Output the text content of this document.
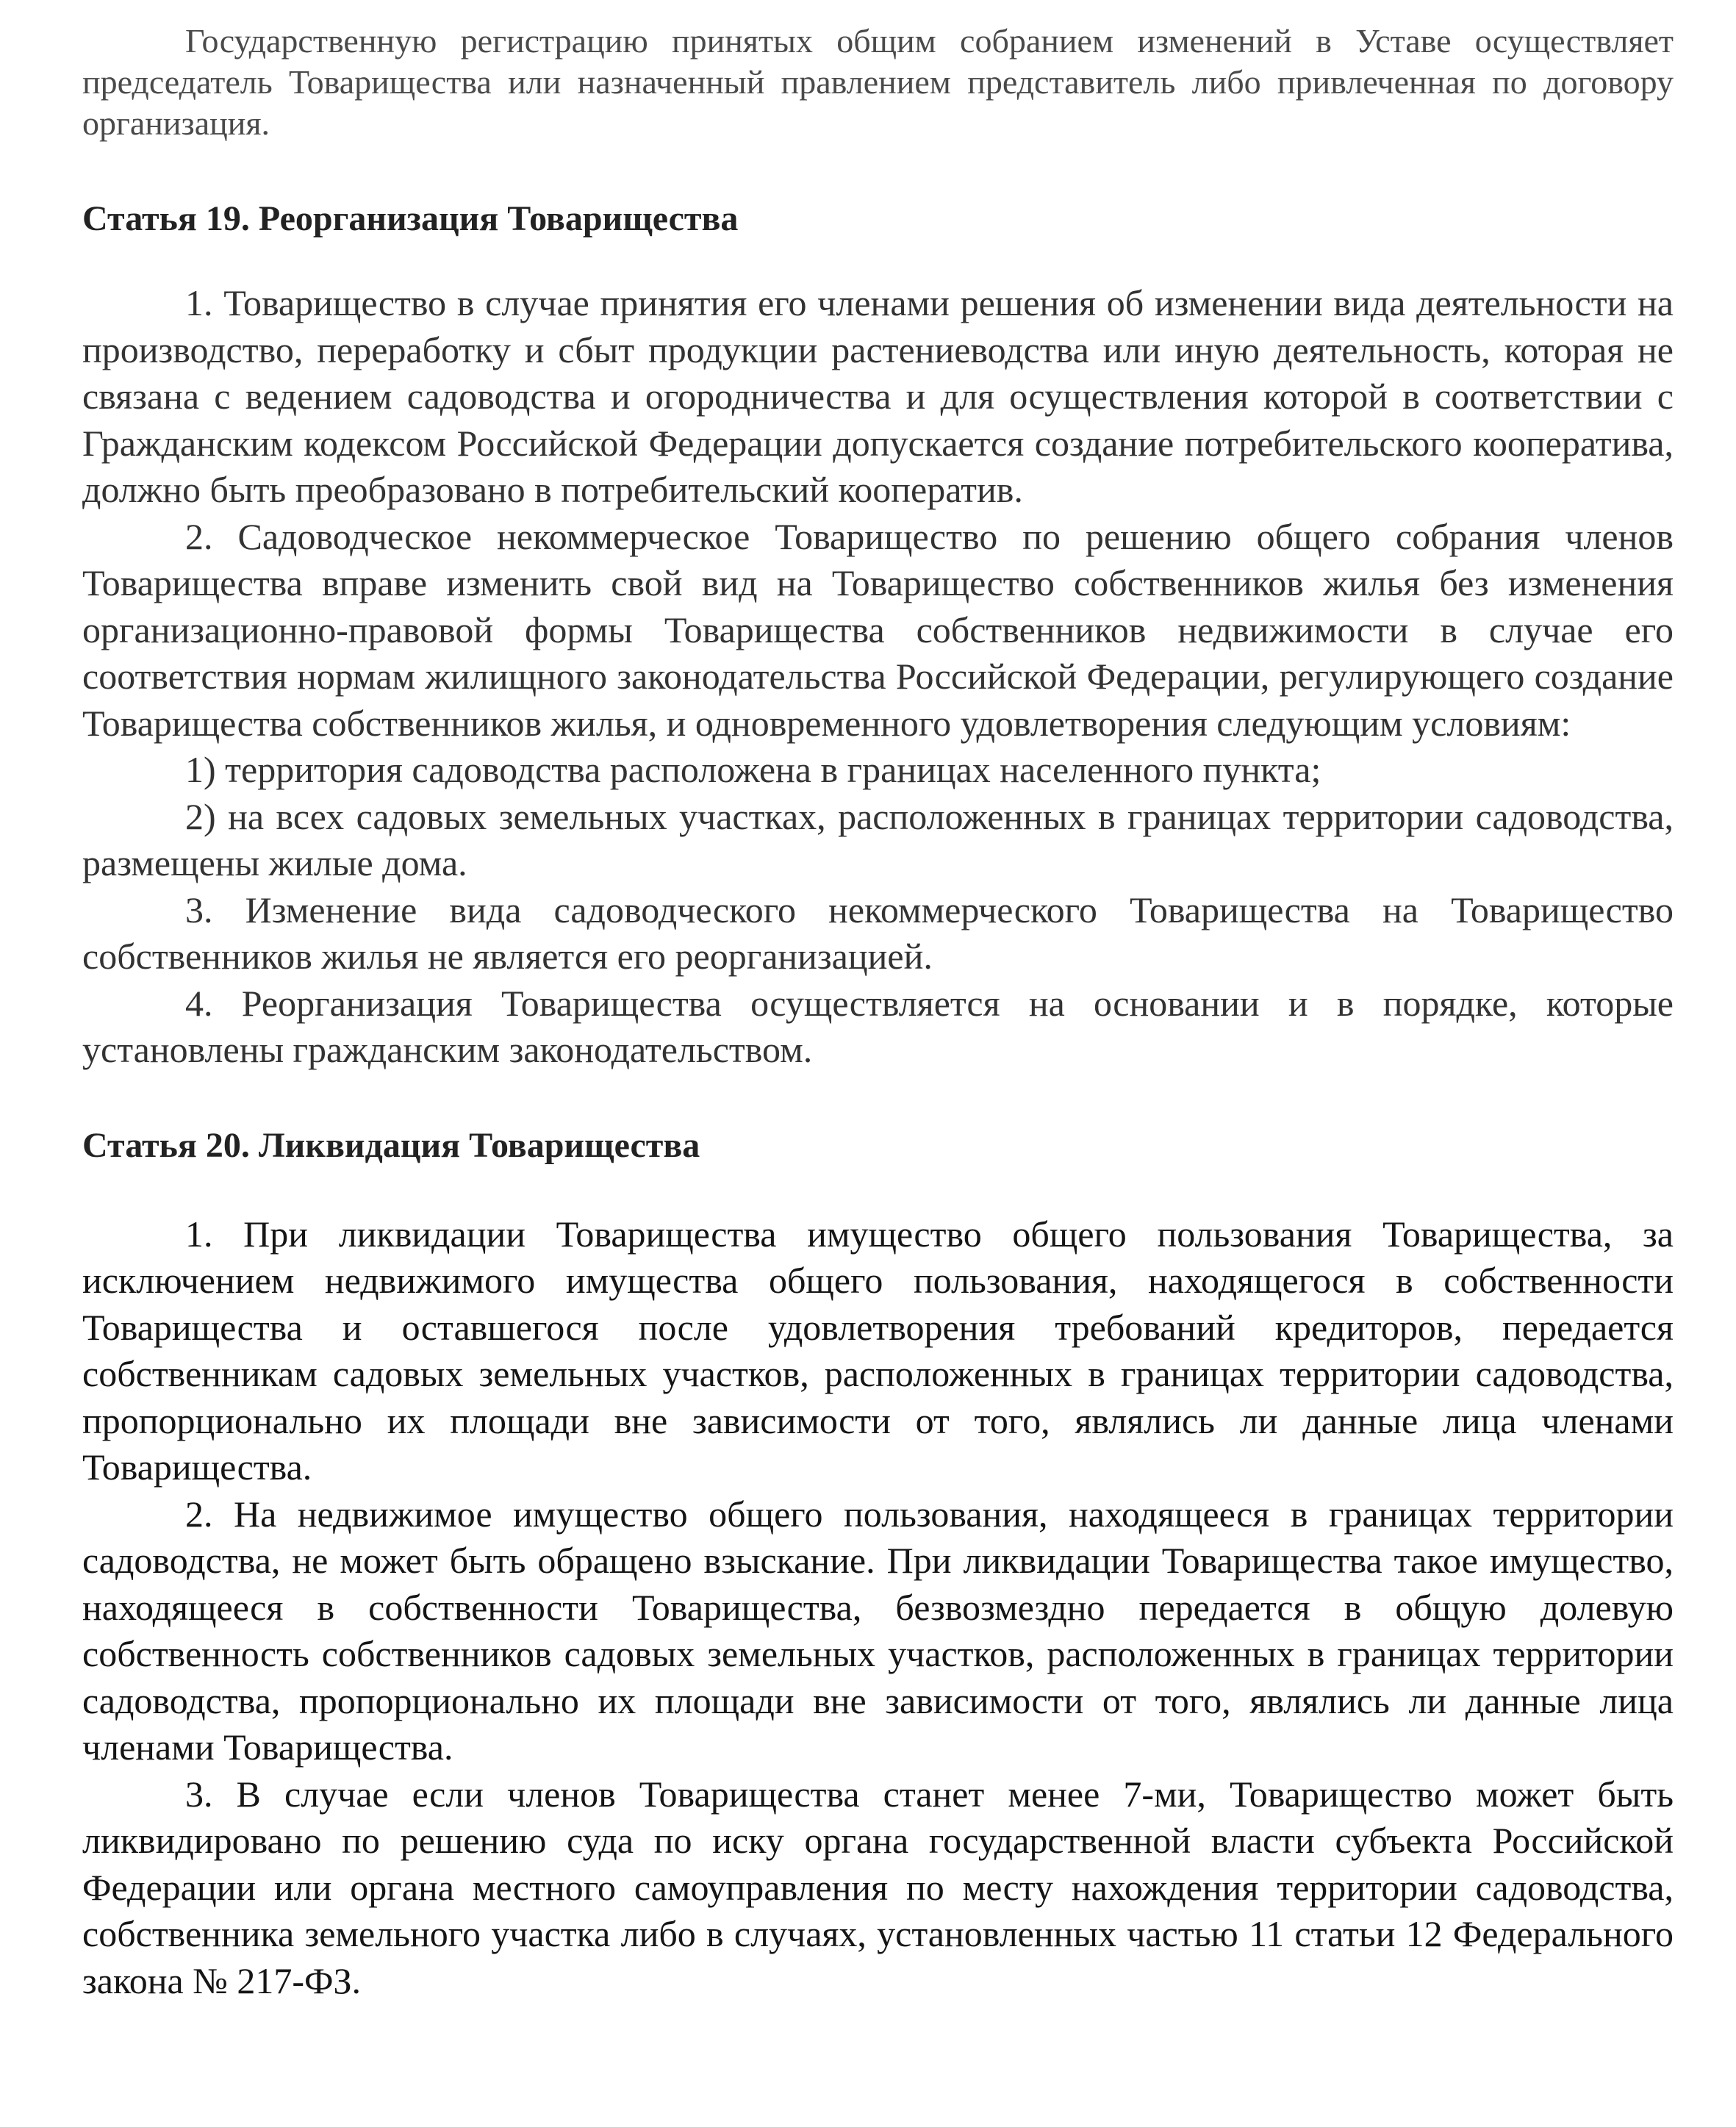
Государственную регистрацию принятых общим собранием изменений в Уставе осуществляет председатель Товарищества или назначенный правлением представитель либо привлеченная по договору организация.

Статья 19. Реорганизация Товарищества

1. Товарищество в случае принятия его членами решения об изменении вида деятельности на производство, переработку и сбыт продукции растениеводства или иную деятельность, которая не связана с ведением садоводства и огородничества и для осуществления которой в соответствии с Гражданским кодексом Российской Федерации допускается создание потребительского кооператива, должно быть преобразовано в потребительский кооператив.

2. Садоводческое некоммерческое Товарищество по решению общего собрания членов Товарищества вправе изменить свой вид на Товарищество собственников жилья без изменения организационно-правовой формы Товарищества собственников недвижимости в случае его соответствия нормам жилищного законодательства Российской Федерации, регулирующего создание Товарищества собственников жилья, и одновременного удовлетворения следующим условиям:

1) территория садоводства расположена в границах населенного пункта;

2) на всех садовых земельных участках, расположенных в границах территории садоводства, размещены жилые дома.

3. Изменение вида садоводческого некоммерческого Товарищества на Товарищество собственников жилья не является его реорганизацией.

4. Реорганизация Товарищества осуществляется на основании и в порядке, которые установлены гражданским законодательством.

Статья 20. Ликвидация Товарищества

1. При ликвидации Товарищества имущество общего пользования Товарищества, за исключением недвижимого имущества общего пользования, находящегося в собственности Товарищества и оставшегося после удовлетворения требований кредиторов, передается собственникам садовых земельных участков, расположенных в границах территории садоводства, пропорционально их площади вне зависимости от того, являлись ли данные лица членами Товарищества.

2. На недвижимое имущество общего пользования, находящееся в границах территории садоводства, не может быть обращено взыскание. При ликвидации Товарищества такое имущество, находящееся в собственности Товарищества, безвозмездно передается в общую долевую собственность собственников садовых земельных участков, расположенных в границах территории садоводства, пропорционально их площади вне зависимости от того, являлись ли данные лица членами Товарищества.

3. В случае если членов Товарищества станет менее 7-ми, Товарищество может быть ликвидировано по решению суда по иску органа государственной власти субъекта Российской Федерации или органа местного самоуправления по месту нахождения территории садоводства, собственника земельного участка либо в случаях, установленных частью 11 статьи 12 Федерального закона № 217-ФЗ.
